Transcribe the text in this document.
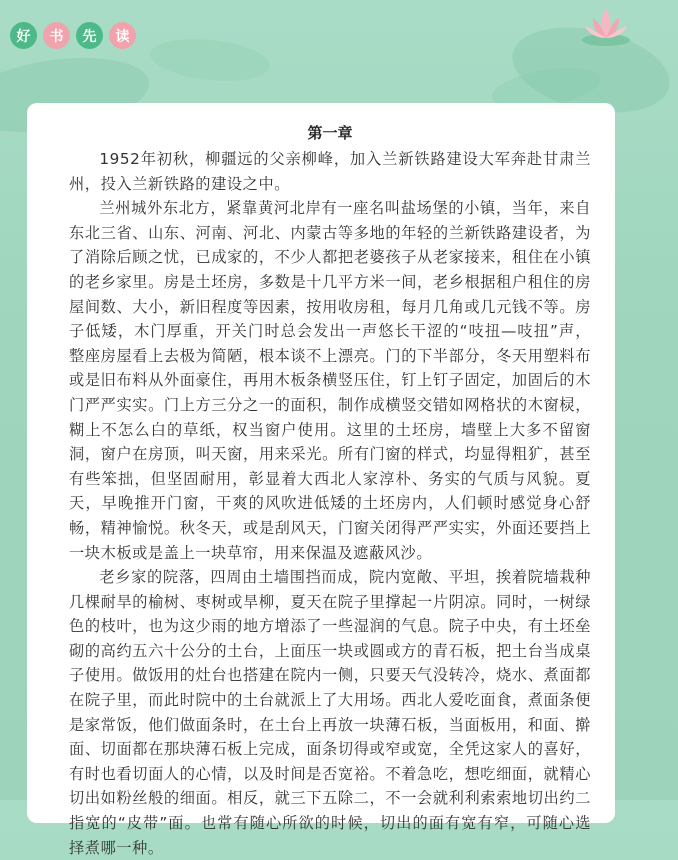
好	书	先	读
第一章

1952年初秋，柳疆远的父亲柳峰，加入兰新铁路建设大军奔赴甘肃兰州，投入兰新铁路的建设之中。

兰州城外东北方，紧靠黄河北岸有一座名叫盐场堡的小镇，当年，来自东北三省、山东、河南、河北、内蒙古等多地的年轻的兰新铁路建设者，为了消除后顾之忧，已成家的，不少人都把老婆孩子从老家接来，租住在小镇的老乡家里。房是土坯房，多数是十几平方米一间，老乡根据租户租住的房屋间数、大小，新旧程度等因素，按用收房租，每月几角或几元钱不等。房子低矮，木门厚重，开关门时总会发出一声悠长干涩的“吱扭—吱扭”声，整座房屋看上去极为简陋，根本谈不上漂亮。门的下半部分，冬天用塑料布或是旧布料从外面豪住，再用木板条横竖压住，钉上钉子固定，加固后的木门严严实实。门上方三分之一的面积，制作成横竖交错如网格状的木窗棂，糊上不怎么白的草纸，权当窗户使用。这里的土坯房，墙壁上大多不留窗洞，窗户在房顶，叫天窗，用来采光。所有门窗的样式，均显得粗犷，甚至有些笨拙，但坚固耐用，彰显着大西北人家淳朴、务实的气质与风貌。夏天，早晚推开门窗，干爽的风吹进低矮的土坯房内，人们顿时感觉身心舒畅，精神愉悦。秋冬天，或是刮风天，门窗关闭得严严实实，外面还要挡上一块木板或是盖上一块草帘，用来保温及遮蔽风沙。

老乡家的院落，四周由土墙围挡而成，院内宽敞、平坦，挨着院墙栽种几棵耐旱的榆树、枣树或旱柳，夏天在院子里撑起一片阴凉。同时，一树绿色的枝叶，也为这少雨的地方增添了一些湿润的气息。院子中央，有土坯垒砌的高约五六十公分的土台，上面压一块或圆或方的青石板，把土台当成桌子使用。做饭用的灶台也搭建在院内一侧，只要天气没转冷，烧水、煮面都在院子里，而此时院中的土台就派上了大用场。西北人爱吃面食，煮面条便是家常饭，他们做面条时，在土台上再放一块薄石板，当面板用，和面、擀面、切面都在那块薄石板上完成，面条切得或窄或宽，全凭这家人的喜好，有时也看切面人的心情，以及时间是否宽裕。不着急吃，想吃细面，就精心切出如粉丝般的细面。相反，就三下五除二，不一会就利利索索地切出约二指宽的“皮带”面。也常有随心所欲的时候，切出的面有宽有窄，可随心选择煮哪一种。
